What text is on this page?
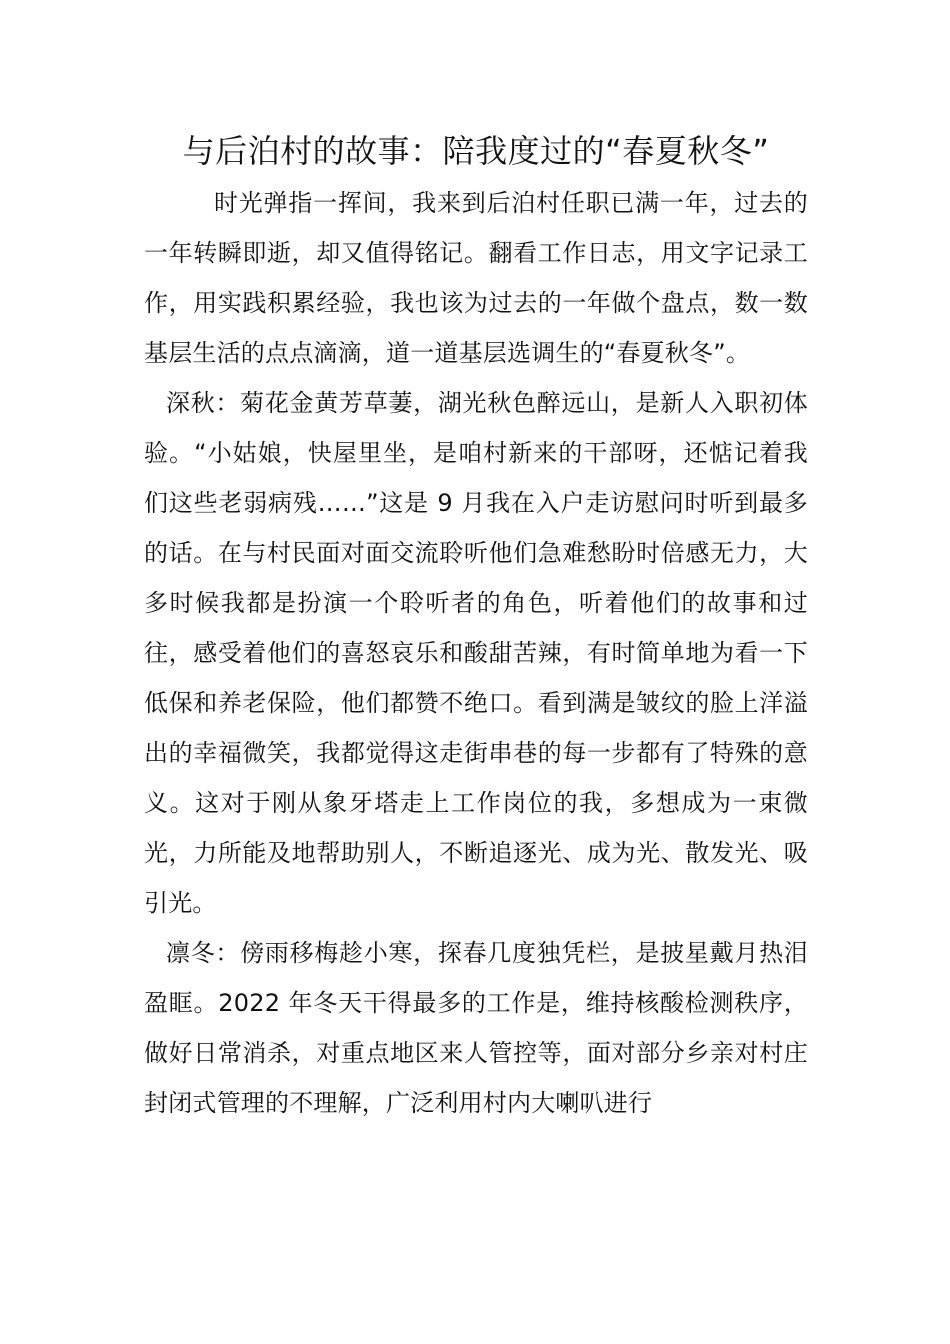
与后泊村的故事：陪我度过的“春夏秋冬”

时光弹指一挥间，我来到后泊村任职已满一年，过去的一年转瞬即逝，却又值得铭记。翻看工作日志，用文字记录工作，用实践积累经验，我也该为过去的一年做个盘点，数一数基层生活的点点滴滴，道一道基层选调生的“春夏秋冬”。

深秋：菊花金黄芳草萋，湖光秋色醉远山，是新人入职初体验。“小姑娘，快屋里坐，是咱村新来的干部呀，还惦记着我们这些老弱病残……”这是 9 月我在入户走访慰问时听到最多的话。在与村民面对面交流聆听他们急难愁盼时倍感无力，大多时候我都是扮演一个聆听者的角色，听着他们的故事和过往，感受着他们的喜怒哀乐和酸甜苦辣，有时简单地为看一下低保和养老保险，他们都赞不绝口。看到满是皱纹的脸上洋溢出的幸福微笑，我都觉得这走街串巷的每一步都有了特殊的意义。这对于刚从象牙塔走上工作岗位的我，多想成为一束微光，力所能及地帮助别人，不断追逐光、成为光、散发光、吸引光。

凛冬：傍雨移梅趁小寒，探春几度独凭栏，是披星戴月热泪盈眶。2022 年冬天干得最多的工作是，维持核酸检测秩序，做好日常消杀，对重点地区来人管控等，面对部分乡亲对村庄封闭式管理的不理解，广泛利用村内大喇叭进行
